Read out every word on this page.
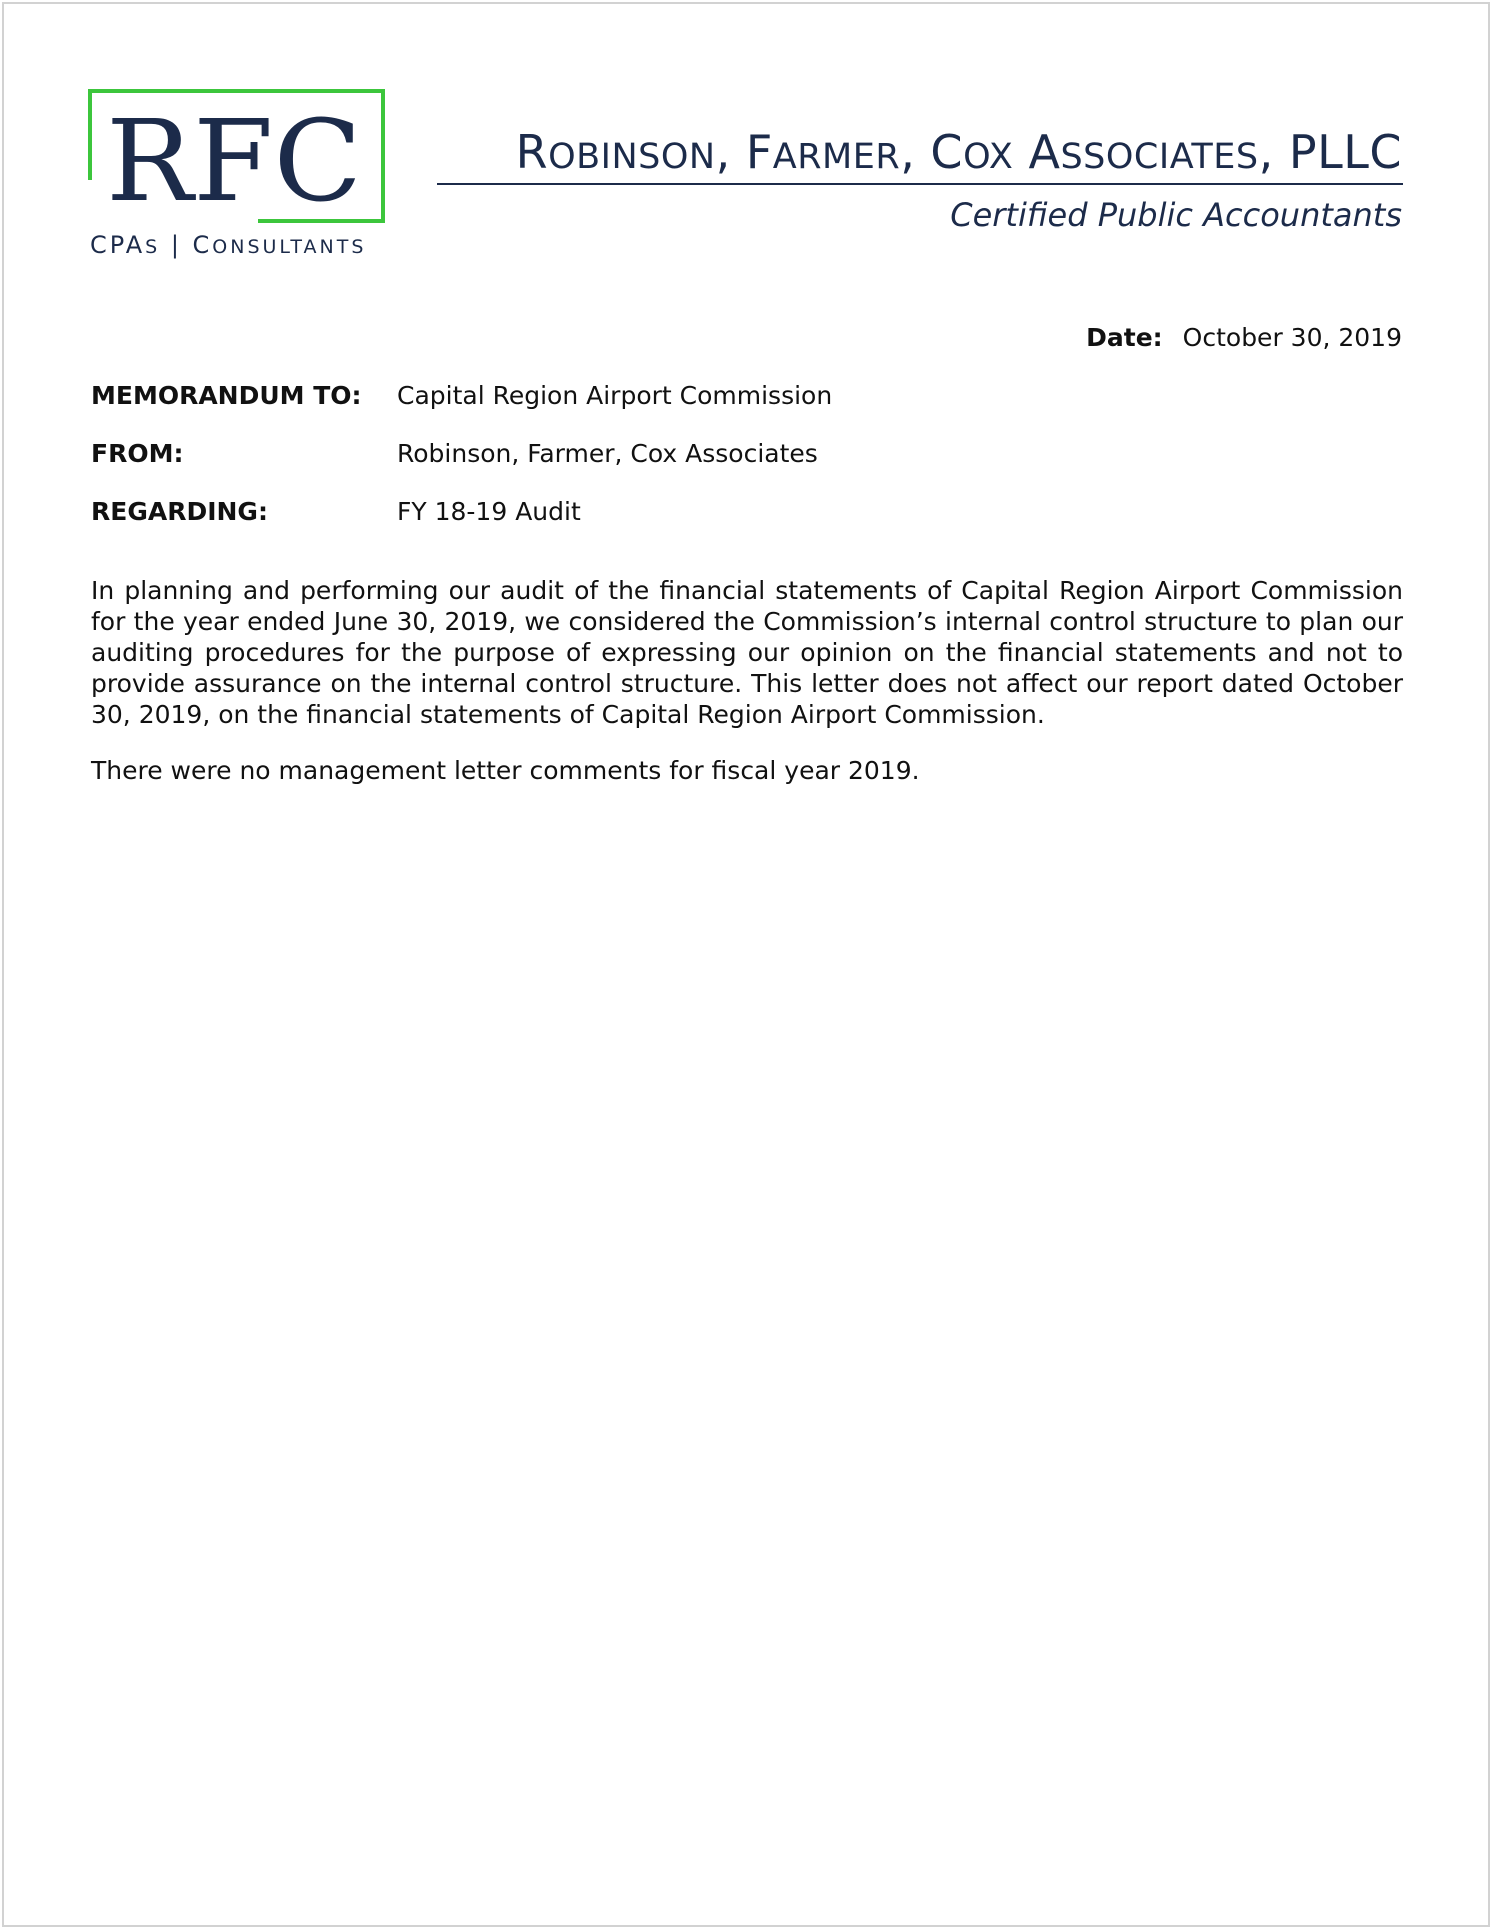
RFC
CPAS | CONSULTANTS
ROBINSON, FARMER, COX ASSOCIATES, PLLC
Certified Public Accountants
Date: October 30, 2019
MEMORANDUM TO: Capital Region Airport Commission
FROM:	Robinson, Farmer, Cox Associates
REGARDING:	FY 18-19 Audit

In planning and performing our audit of the financial statements of Capital Region Airport Commission for the year ended June 30, 2019, we considered the Commission’s internal control structure to plan our auditing procedures for the purpose of expressing our opinion on the financial statements and not to provide assurance on the internal control structure. This letter does not affect our report dated October 30, 2019, on the financial statements of Capital Region Airport Commission.

There were no management letter comments for fiscal year 2019.
